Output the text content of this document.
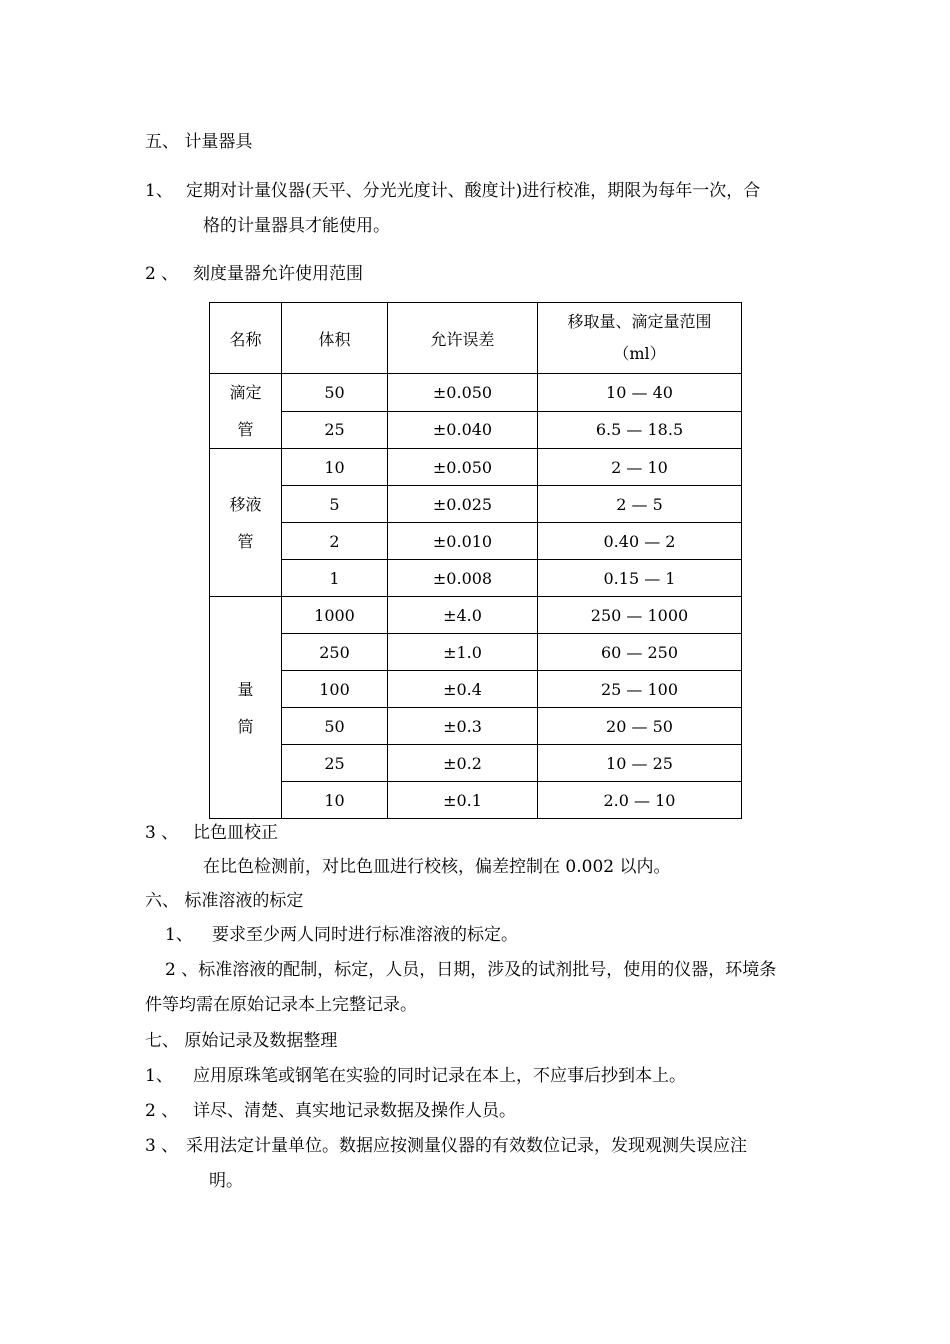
五、 计量器具
1、 定期对计量仪器(天平、分光光度计、酸度计)进行校准，期限为每年一次，合
格的计量器具才能使用。
2 、 刻度量器允许使用范围
名称	体积	允许误差	移取量、滴定量范围
（ml）

滴定
管	50	±0.050	10 — 40
	25	±0.040	6.5 — 18.5

移液
管	10	±0.050	2 — 10
	5	±0.025	2 — 5
	2	±0.010	0.40 — 2
	1	±0.008	0.15 — 1

量
筒	1000	±4.0	250 — 1000
	250	±1.0	60 — 250
	100	±0.4	25 — 100
	50	±0.3	20 — 50
	25	±0.2	10 — 25
	10	±0.1	2.0 — 10
3 、 比色皿校正
在比色检测前，对比色皿进行校核，偏差控制在 0.002 以内。
六、 标准溶液的标定
1、 要求至少两人同时进行标准溶液的标定。
2 、标准溶液的配制，标定，人员，日期，涉及的试剂批号，使用的仪器，环境条
件等均需在原始记录本上完整记录。
七、 原始记录及数据整理
1、 应用原珠笔或钢笔在实验的同时记录在本上，不应事后抄到本上。
2 、 详尽、清楚、真实地记录数据及操作人员。
3 、 采用法定计量单位。数据应按测量仪器的有效数位记录，发现观测失误应注
明。
